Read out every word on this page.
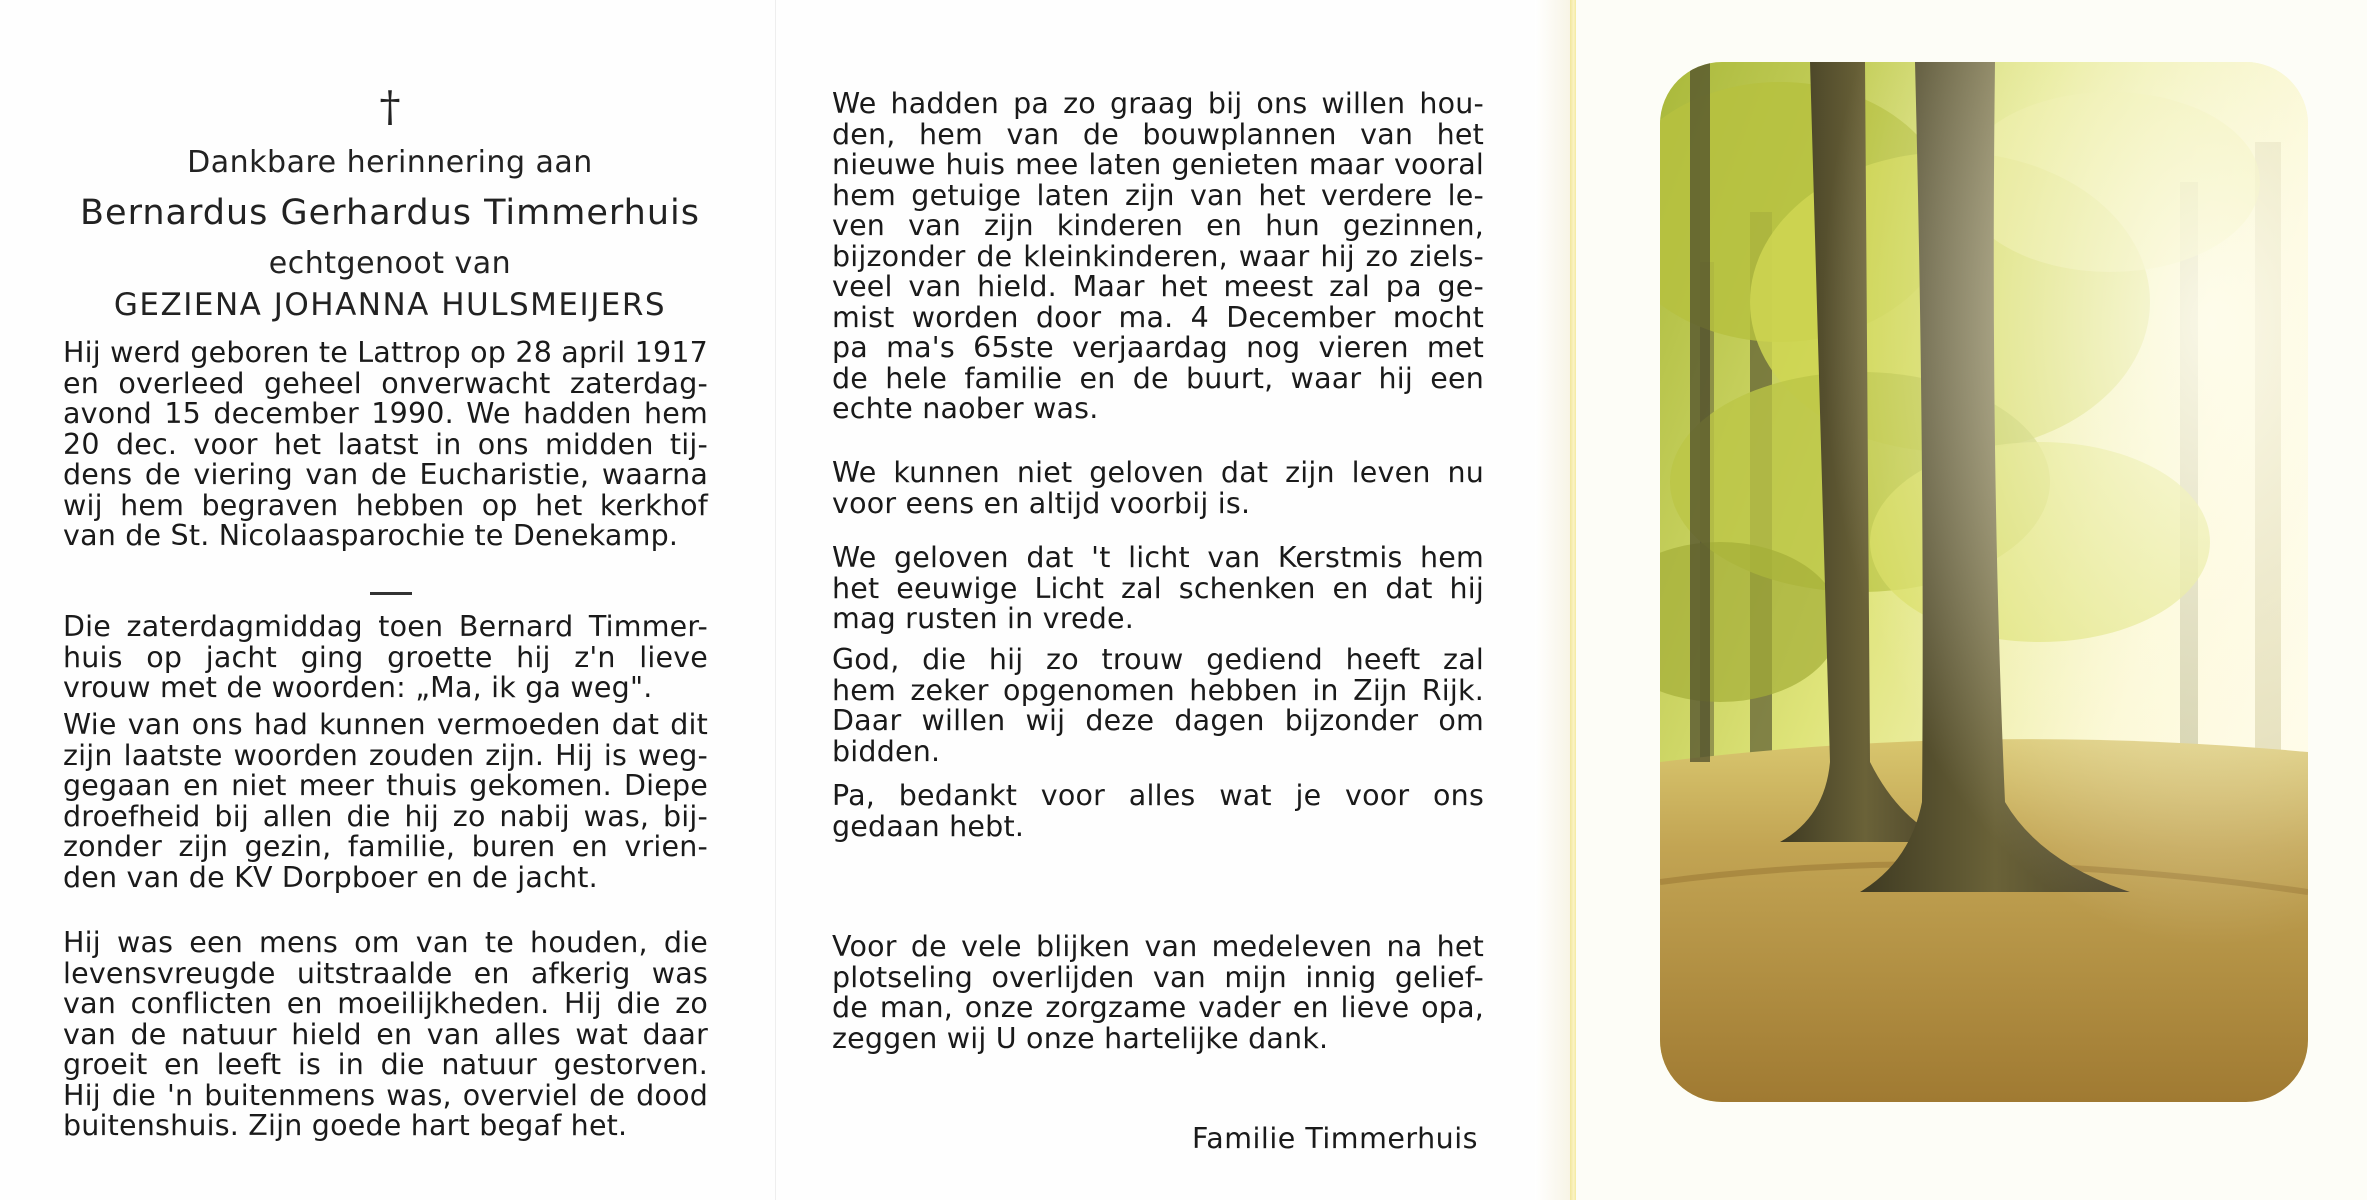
†
Dankbare herinnering aan
Bernardus Gerhardus Timmerhuis
echtgenoot van
GEZIENA JOHANNA HULSMEIJERS
Hij werd geboren te Lattrop op 28 april 1917
en overleed geheel onverwacht zaterdag-
avond 15 december 1990. We hadden hem
20 dec. voor het laatst in ons midden tij-
dens de viering van de Eucharistie, waarna
wij hem begraven hebben op het kerkhof
van de St. Nicolaasparochie te Denekamp.
Die zaterdagmiddag toen Bernard Timmer-
huis op jacht ging groette hij z'n lieve
vrouw met de woorden: „Ma, ik ga weg".
Wie van ons had kunnen vermoeden dat dit
zijn laatste woorden zouden zijn. Hij is weg-
gegaan en niet meer thuis gekomen. Diepe
droefheid bij allen die hij zo nabij was, bij-
zonder zijn gezin, familie, buren en vrien-
den van de KV Dorpboer en de jacht.
Hij was een mens om van te houden, die
levensvreugde uitstraalde en afkerig was
van conflicten en moeilijkheden. Hij die zo
van de natuur hield en van alles wat daar
groeit en leeft is in die natuur gestorven.
Hij die 'n buitenmens was, overviel de dood
buitenshuis. Zijn goede hart begaf het.
We hadden pa zo graag bij ons willen hou-
den, hem van de bouwplannen van het
nieuwe huis mee laten genieten maar vooral
hem getuige laten zijn van het verdere le-
ven van zijn kinderen en hun gezinnen,
bijzonder de kleinkinderen, waar hij zo ziels-
veel van hield. Maar het meest zal pa ge-
mist worden door ma. 4 December mocht
pa ma's 65ste verjaardag nog vieren met
de hele familie en de buurt, waar hij een
echte naober was.
We kunnen niet geloven dat zijn leven nu
voor eens en altijd voorbij is.
We geloven dat 't licht van Kerstmis hem
het eeuwige Licht zal schenken en dat hij
mag rusten in vrede.
God, die hij zo trouw gediend heeft zal
hem zeker opgenomen hebben in Zijn Rijk.
Daar willen wij deze dagen bijzonder om
bidden.
Pa, bedankt voor alles wat je voor ons
gedaan hebt.
Voor de vele blijken van medeleven na het
plotseling overlijden van mijn innig gelief-
de man, onze zorgzame vader en lieve opa,
zeggen wij U onze hartelijke dank.
Familie Timmerhuis
